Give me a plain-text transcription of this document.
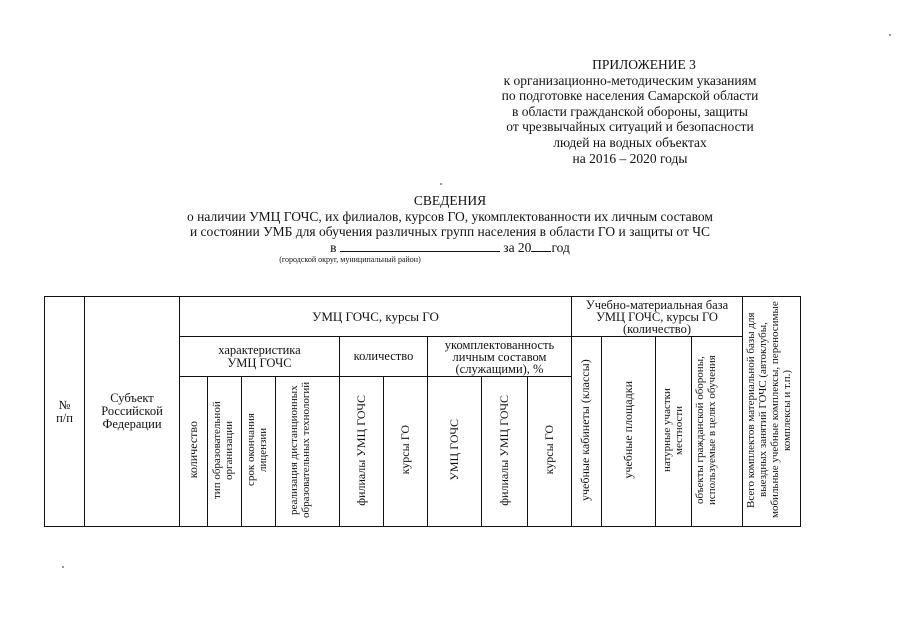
ПРИЛОЖЕНИЕ 3
к организационно-методическим указаниям
по подготовке населения Самарской области
в области гражданской обороны, защиты
от чрезвычайных ситуаций и безопасности
людей на водных объектах
на 2016 – 2020 годы
СВЕДЕНИЯ
о наличии УМЦ ГОЧС, их филиалов, курсов ГО, укомплектованности их личным составом
и состоянии УМБ для обучения различных групп населения в области ГО и защиты от ЧС
в	за 20 год
(городской округ, муниципальный район)
№ п/п	Субъект Российской Федерации	УМЦ ГОЧС, курсы ГО									Учебно-материальная база УМЦ ГОЧС, курсы ГО (количество)				Всего комплектов материальной базы для выездных занятий ГОЧС (автоклубы, мобильные учебные комплексы, переносимые комплексы и т.п.)

		характеристика УМЦ ГОЧС				количество		укомплектованность личным составом (служащими), %			учебные кабинеты (классы)	учебные площадки	натурные участки местности	объекты гражданской обороны, используемые в целях обучения	
		количество	тип образовательной организации	срок окончания лицензии	реализация дистанционных образовательных технологий	филиалы УМЦ ГОЧС	курсы ГО	УМЦ ГОЧС	филиалы УМЦ ГОЧС	курсы ГО					
